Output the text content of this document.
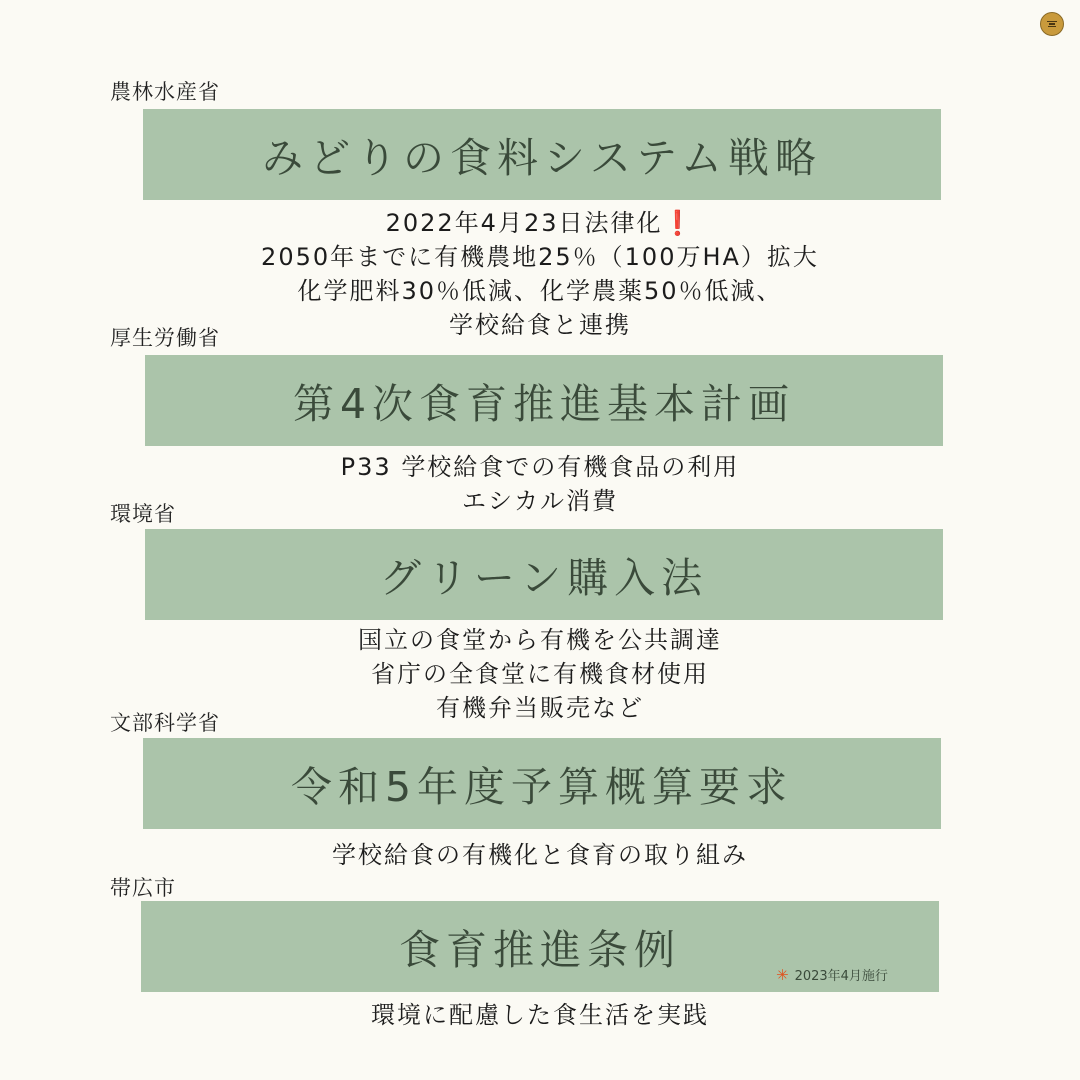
農林水産省
みどりの食料システム戦略
2022年4月23日法律化❗
2050年までに有機農地25％（100万HA）拡大
化学肥料30％低減、化学農薬50％低減、
学校給食と連携
厚生労働省
第4次食育推進基本計画
P33 学校給食での有機食品の利用
エシカル消費
環境省
グリーン購入法
国立の食堂から有機を公共調達
省庁の全食堂に有機食材使用
有機弁当販売など
文部科学省
令和5年度予算概算要求
学校給食の有機化と食育の取り組み
帯広市
食育推進条例
✳ 2023年4月施行
環境に配慮した食生活を実践
